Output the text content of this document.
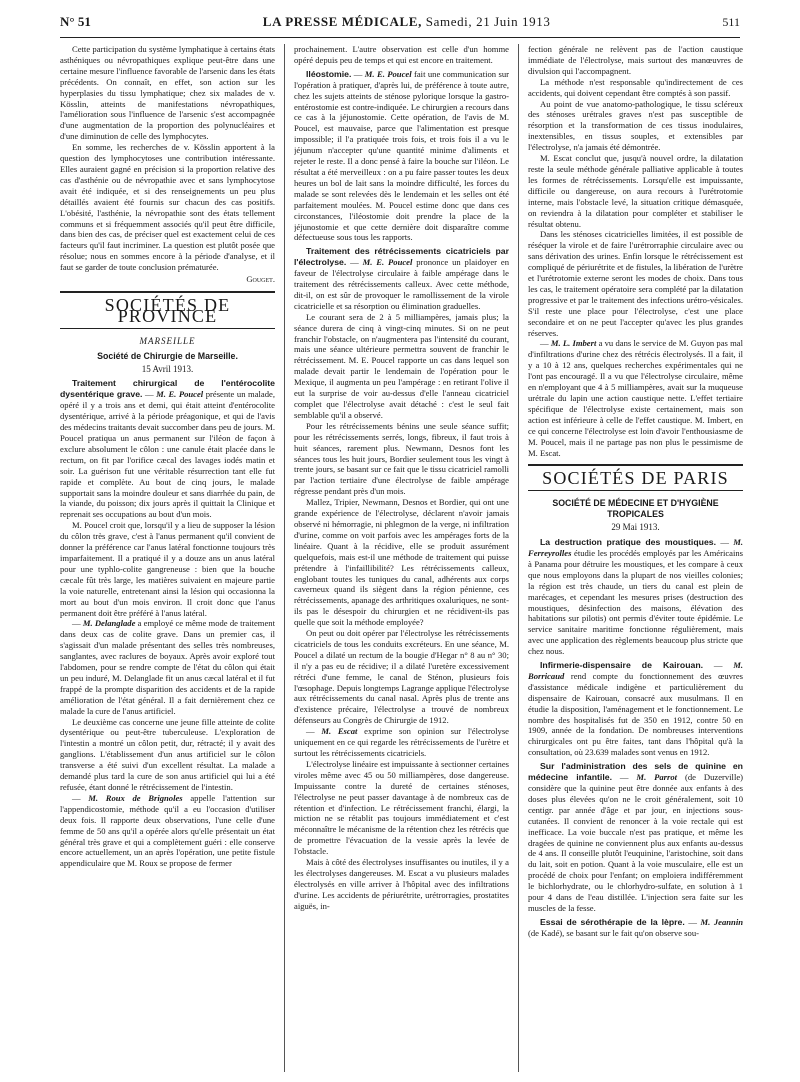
N° 51	LA PRESSE MÉDICALE, Samedi, 21 Juin 1913	511

Cette participation du système lymphatique à certains états asthéniques ou névropathiques explique peut-être dans une certaine mesure l'influence favorable de l'arsenic dans les états précédents. On connaît, en effet, son action sur les hyperplasies du tissu lymphatique; chez six malades de v. Kösslin, atteints de manifestations névropathiques, l'amélioration sous l'influence de l'arsenic s'est accompagnée d'une augmentation de la proportion des polynucléaires et d'une diminution de celle des lymphocytes.

En somme, les recherches de v. Kösslin apportent à la question des lymphocytoses une contribution intéressante. Elles auraient gagné en précision si la proportion relative des cas d'asthénie ou de névropathie avec et sans lymphocytose avait été indiquée, et si des renseignements un peu plus détaillés avaient été fournis sur chacun des cas positifs. L'obésité, l'asthénie, la névropathie sont des états tellement communs et si fréquemment associés qu'il peut être difficile, dans bien des cas, de préciser quel est exactement celui de ces facteurs qu'il faut incriminer. La question est plutôt posée que résolue; nous en sommes encore à la période d'analyse, et il faut se garder de toute conclusion prématurée.

Gougет.
SOCIÉTÉS DE PROVINCE
MARSEILLE
Société de Chirurgie de Marseille.
15 Avril 1913.

Traitement chirurgical de l'entérocolite dysentérique grave. — M. E. Poucel présente un malade, opéré il y a trois ans et demi, qui était atteint d'entérocolite dysentérique, arrivé à la période préagonique, et qui de l'avis des médecins traitants devait succomber dans peu de jours. M. Poucel pratiqua un anus permanent sur l'iléon de façon à exclure absolument le côlon : une canule était placée dans le rectum, on fit par l'orifice cæcal des lavages iodés matin et soir. La guérison fut une véritable résurrection tant elle fut rapide et complète. Au bout de cinq jours, le malade supportait sans la moindre douleur et sans diarrhée du pain, de la viande, du poisson; dix jours après il quittait la Clinique et reprenait ses occupations au bout d'un mois.

M. Poucel croit que, lorsqu'il y a lieu de supposer la lésion du côlon très grave, c'est à l'anus permanent qu'il convient de donner la préférence car l'anus latéral fonctionne toujours très imparfaitement. Il a pratiqué il y a douze ans un anus latéral pour une typhlo-colite gangreneuse : bien que la bouche cæcale fût très large, les matières suivaient en majeure partie la voie naturelle, entretenant ainsi la lésion qui occasionna la mort au bout d'un mois environ. Il croit donc que l'anus permanent doit être préféré à l'anus latéral.

— M. Delanglade a employé ce même mode de traitement dans deux cas de colite grave. Dans un premier cas, il s'agissait d'un malade présentant des selles très nombreuses, sanglantes, avec raclures de boyaux. Après avoir exploré tout l'abdomen, pour se rendre compte de l'état du côlon qui était un peu induré, M. Delanglade fit un anus cæcal latéral et il fut frappé de la prompte disparition des accidents et de la rapide amélioration de l'état général. Il a fait dernièrement chez ce malade la cure de l'anus artificiel.

Le deuxième cas concerne une jeune fille atteinte de colite dysentérique ou peut-être tuberculeuse. L'exploration de l'intestin a montré un côlon petit, dur, rétracté; il y avait des ganglions. L'établissement d'un anus artificiel sur le côlon transverse a été suivi d'un excellent résultat. La malade a demandé plus tard la cure de son anus artificiel qui lui a été refusée, étant donné le rétrécissement de l'intestin.

— M. Roux de Brignoles appelle l'attention sur l'appendicostomie, méthode qu'il a eu l'occasion d'utiliser deux fois. Il rapporte deux observations, l'une celle d'une femme de 50 ans qu'il a opérée alors qu'elle présentait un état général très grave et qui a complètement guéri : elle conserve encore actuellement, un an après l'opération, une petite fistule appendiculaire que M. Roux se propose de fermer

prochainement. L'autre observation est celle d'un homme opéré depuis peu de temps et qui est encore en traitement.

Iléostomie. — M. E. Poucel fait une communication sur l'opération à pratiquer, d'après lui, de préférence à toute autre, chez les sujets atteints de sténose pylorique lorsque la gastro-entérostomie est contre-indiquée. Le chirurgien a recours dans ce cas à la jéjunostomie. Cette opération, de l'avis de M. Poucel, est mauvaise, parce que l'alimentation est presque impossible; il l'a pratiquée trois fois, et trois fois il a vu le jéjunum n'accepter qu'une quantité minime d'aliments et rejeter le reste. Il a donc pensé à faire la bouche sur l'iléon. Le résultat a été merveilleux : on a pu faire passer toutes les deux heures un bol de lait sans la moindre difficulté, les forces du malade se sont relevées dès le lendemain et les selles ont été parfaitement moulées. M. Poucel estime donc que dans ces circonstances, l'iléostomie doit prendre la place de la jéjunostomie et que cette dernière doit disparaître comme défectueuse sous tous les rapports.

Traitement des rétrécissements cicatriciels par l'électrolyse. — M. E. Poucel prononce un plaidoyer en faveur de l'électrolyse circulaire à faible ampérage dans le traitement des rétrécissements calleux. Avec cette méthode, dit-il, on est sûr de provoquer le ramollissement de la virole cicatricielle et sa résorption ou élimination graduelles.

Le courant sera de 2 à 5 milliampères, jamais plus; la séance durera de cinq à vingt-cinq minutes. Si on ne peut franchir l'obstacle, on n'augmentera pas l'intensité du courant, mais une séance ultérieure permettra souvent de franchir le rétrécissement. M. E. Poucel rapporte un cas dans lequel son malade devait partir le lendemain de l'opération pour le Mexique, il augmenta un peu l'ampérage : en retirant l'olive il eut la surprise de voir au-dessus d'elle l'anneau cicatriciel complet que l'électrolyse avait détaché : c'est le seul fait semblable qu'il a observé.

Pour les rétrécissements bénins une seule séance suffit; pour les rétrécissements serrés, longs, fibreux, il faut trois à huit séances, rarement plus. Newmann, Desnos font les séances tous les huit jours, Bordier seulement tous les vingt à trente jours, se basant sur ce fait que le tissu cicatriciel ramolli par l'action tertiaire d'une électrolyse de faible ampérage régresse pendant près d'un mois.

Mallez, Tripier, Newmann, Desnos et Bordier, qui ont une grande expérience de l'électrolyse, déclarent n'avoir jamais observé ni hémorragie, ni phlegmon de la verge, ni infiltration d'urine, comme on voit parfois avec les ampérages forts de la linéaire. Quant à la récidive, elle se produit assurément quelquefois, mais est-il une méthode de traitement qui puisse prétendre à l'infaillibilité? Les rétrécissements calleux, englobant toutes les tuniques du canal, adhérents aux corps caverneux quand ils siègent dans la région pénienne, ces rétrécissements, apanage des arthritiques oxaluriques, ne sont-ils pas le désespoir du chirurgien et ne récidivent-ils pas quelle que soit la méthode employée?

On peut ou doit opérer par l'électrolyse les rétrécissements cicatriciels de tous les conduits excréteurs. En une séance, M. Poucel a dilaté un rectum de la bougie d'Hegar n° 8 au n° 30; il n'y a pas eu de récidive; il a dilaté l'uretère excessivement rétréci d'une femme, le canal de Sténon, plusieurs fois l'œsophage. Depuis longtemps Lagrange applique l'électrolyse aux rétrécissements du canal nasal. Après plus de trente ans d'existence précaire, l'électrolyse a trouvé de nombreux défenseurs au Congrès de Chirurgie de 1912.

— M. Escat exprime son opinion sur l'électrolyse uniquement en ce qui regarde les rétrécissements de l'urètre et surtout les rétrécissements cicatriciels.

L'électrolyse linéaire est impuissante à sectionner certaines viroles même avec 45 ou 50 milliampères, dose dangereuse. Impuissante contre la dureté de certaines sténoses, l'électrolyse ne peut passer davantage à de nombreux cas de rétention et d'infection. Le rétrécissement franchi, élargi, la miction ne se rétablit pas toujours immédiatement et c'est méconnaître le mécanisme de la rétention chez les rétrécis que de promettre l'évacuation de la vessie après la levée de l'obstacle.

Mais à côté des électrolyses insuffisantes ou inutiles, il y a les électrolyses dangereuses. M. Escat a vu plusieurs malades électrolysés en ville arriver à l'hôpital avec des infiltrations d'urine. Les accidents de périurétrite, urétrorragies, prostatites aiguës, in-

fection générale ne relèvent pas de l'action caustique immédiate de l'électrolyse, mais surtout des manœuvres de divulsion qui l'accompagnent.

La méthode n'est responsable qu'indirectement de ces accidents, qui doivent cependant être comptés à son passif.

Au point de vue anatomo-pathologique, le tissu scléreux des sténoses urétrales graves n'est pas susceptible de résorption et la transformation de ces tissus inodulaires, inextensibles, en tissus souples, et extensibles par l'électrolyse, n'a jamais été démontrée.

M. Escat conclut que, jusqu'à nouvel ordre, la dilatation reste la seule méthode générale palliative applicable à toutes les formes de rétrécissements. Lorsqu'elle est impuissante, difficile ou dangereuse, on aura recours à l'urétrotomie interne, mais l'obstacle levé, la situation critique démasquée, on reviendra à la dilatation pour compléter et stabiliser le résultat obtenu.

Dans les sténoses cicatricielles limitées, il est possible de réséquer la virole et de faire l'urétrorraphie circulaire avec ou sans dérivation des urines. Enfin lorsque le rétrécissement est compliqué de périurétrite et de fistules, la libération de l'urètre et l'urétrotomie externe seront les modes de choix. Dans tous les cas, le traitement opératoire sera complété par la dilatation progressive et par le traitement des infections urétro-vésicales. S'il reste une place pour l'électrolyse, c'est une place secondaire et on ne peut l'accepter qu'avec les plus grandes réserves.

— M. L. Imbert a vu dans le service de M. Guyon pas mal d'infiltrations d'urine chez des rétrécis électrolysés. Il a fait, il y a 10 à 12 ans, quelques recherches expérimentales qui ne l'ont pas encouragé. Il a vu que l'électrolyse circulaire, même en n'employant que 4 à 5 milliampères, avait sur la muqueuse urétrale du lapin une action caustique nette. L'effet tertiaire spécifique de l'électrolyse existe certainement, mais son action est inférieure à celle de l'effet caustique. M. Imbert, en ce qui concerne l'électrolyse est loin d'avoir l'enthousiasme de M. Poucel, mais il ne partage pas non plus le pessimisme de M. Escat.

SOCIÉTÉS DE PARIS
SOCIÉTÉ DE MÉDECINE ET D'HYGIÈNE TROPICALES
29 Mai 1913.

La destruction pratique des moustiques. — M. Ferreyrolles étudie les procédés employés par les Américains à Panama pour détruire les moustiques, et les compare à ceux que nous employons dans la plupart de nos vieilles colonies; la région est très chaude, un tiers du canal est plein de marécages, et cependant les mesures prises (destruction des moustiques, désinfection des maisons, élévation des habitations sur pilotis) ont permis d'éviter toute épidémie. Le service sanitaire maritime fonctionne régulièrement, mais avec une application des règlements beaucoup plus stricte que chez nous.

Infirmerie-dispensaire de Kairouan. — M. Borricaud rend compte du fonctionnement des œuvres d'assistance médicale indigène et particulièrement du dispensaire de Kairouan, consacré aux musulmans. Il en étudie la disposition, l'aménagement et le fonctionnement. Le nombre des hospitalisés fut de 350 en 1912, contre 50 en 1909, année de la fondation. De nombreuses interventions chirurgicales ont pu être faites, tant dans l'hôpital qu'à la consultation, où 23.639 malades sont venus en 1912.

Sur l'administration des sels de quinine en médecine infantile. — M. Parrot (de Duzerville) considère que la quinine peut être donnée aux enfants à des doses plus élevées qu'on ne le croit généralement, soit 10 centigr. par année d'âge et par jour, en injections sous-cutanées. Il convient de renoncer à la voie rectale qui est inefficace. La voie buccale n'est pas pratique, et même les dragées de quinine ne conviennent plus aux enfants au-dessus de 4 ans. Il conseille plutôt l'euquinine, l'aristochine, soit dans du lait, soit en potion. Quant à la voie musculaire, elle est un procédé de choix pour l'enfant; on emploiera indifféremment le bichlorhydrate, ou le chlorhydro-sulfate, en solution à 1 pour 4 dans de l'eau distillée. L'injection sera faite sur les muscles de la fesse.

Essai de sérothérapie de la lèpre. — M. Jeannin (de Kadé), se basant sur le fait qu'on observe sou-
